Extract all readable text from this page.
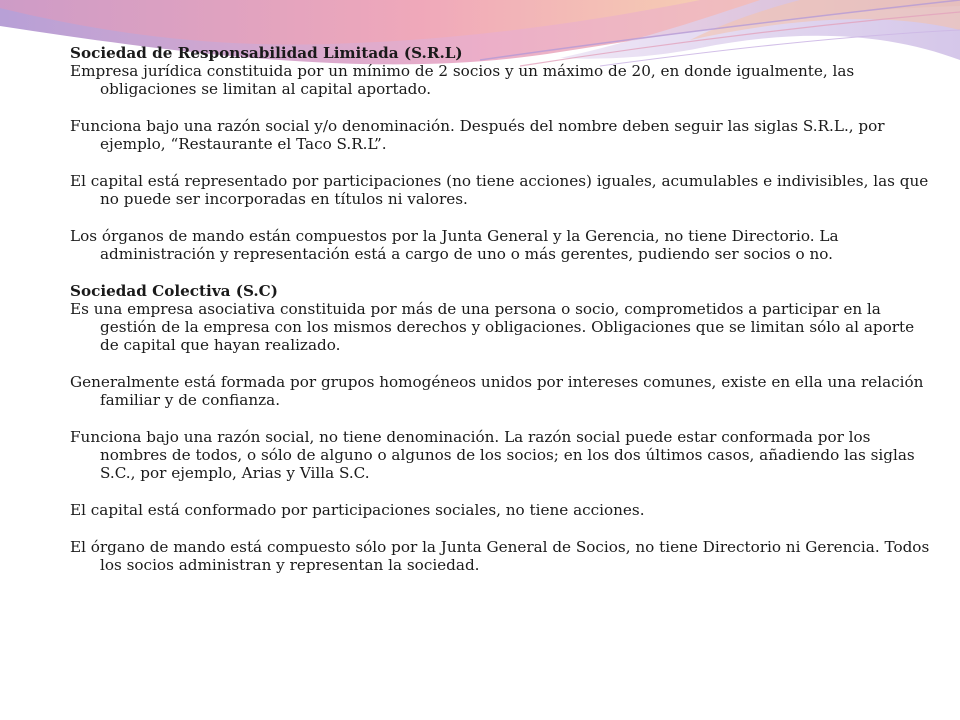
Sociedad de Responsabilidad Limitada (S.R.L)

Empresa jurídica constituida por un mínimo de 2 socios y un máximo de 20, en donde igualmente, las obligaciones se limitan al capital aportado.

Funciona bajo una razón social y/o denominación. Después del nombre deben seguir las siglas S.R.L., por ejemplo, “Restaurante el Taco S.R.L”.

El capital está representado por participaciones (no tiene acciones) iguales, acumulables e indivisibles, las que no puede ser incorporadas en títulos ni valores.

Los órganos de mando están compuestos por la Junta General y la Gerencia, no tiene Directorio. La administración y representación está a cargo de uno o más gerentes, pudiendo ser socios o no.

Sociedad Colectiva (S.C)

Es una empresa asociativa constituida por más de una persona o socio, comprometidos a participar en la gestión de la empresa con los mismos derechos y obligaciones. Obligaciones que se limitan sólo al aporte de capital que hayan realizado.

Generalmente está formada por grupos homogéneos unidos por intereses comunes, existe en ella una relación familiar y de confianza.

Funciona bajo una razón social, no tiene denominación. La razón social puede estar conformada por los nombres de todos, o sólo de alguno o algunos de los socios; en los dos últimos casos, añadiendo las siglas S.C., por ejemplo, Arias y Villa S.C.

El capital está conformado por participaciones sociales, no tiene acciones.

El órgano de mando está compuesto sólo por la Junta General de Socios, no tiene Directorio ni Gerencia. Todos los socios administran y representan la sociedad.
